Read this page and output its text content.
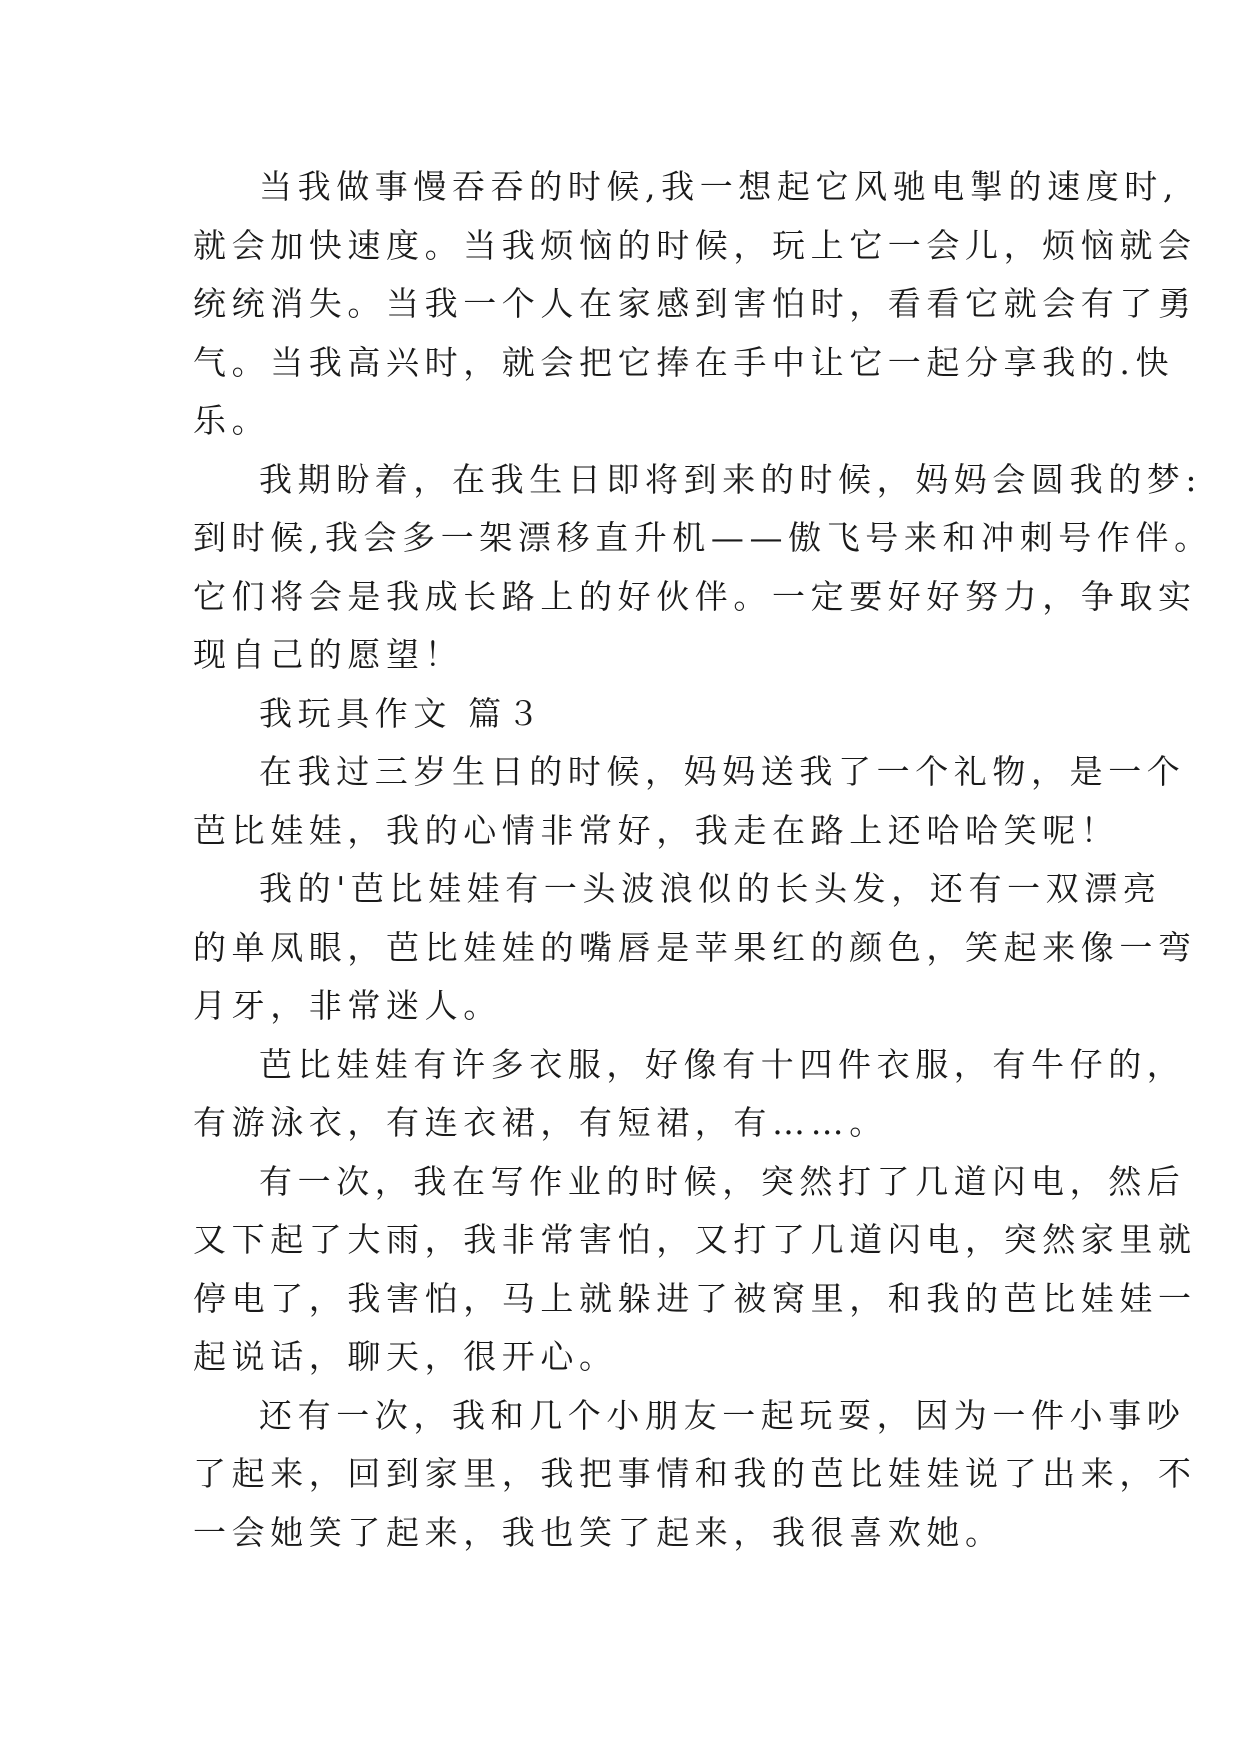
当我做事慢吞吞的时候,我一想起它风驰电掣的速度时,
就会加快速度。当我烦恼的时候，玩上它一会儿，烦恼就会
统统消失。当我一个人在家感到害怕时，看看它就会有了勇
气。当我高兴时，就会把它捧在手中让它一起分享我的.快
乐。

我期盼着，在我生日即将到来的时候，妈妈会圆我的梦:
到时候,我会多一架漂移直升机——傲飞号来和冲刺号作伴。
它们将会是我成长路上的好伙伴。一定要好好努力，争取实
现自己的愿望！

我玩具作文 篇３

在我过三岁生日的时候，妈妈送我了一个礼物，是一个
芭比娃娃，我的心情非常好，我走在路上还哈哈笑呢！

我的'芭比娃娃有一头波浪似的长头发，还有一双漂亮
的单凤眼，芭比娃娃的嘴唇是苹果红的颜色，笑起来像一弯
月牙，非常迷人。

芭比娃娃有许多衣服，好像有十四件衣服，有牛仔的，
有游泳衣，有连衣裙，有短裙，有……。

有一次，我在写作业的时候，突然打了几道闪电，然后
又下起了大雨，我非常害怕，又打了几道闪电，突然家里就
停电了，我害怕，马上就躲进了被窝里，和我的芭比娃娃一
起说话，聊天，很开心。

还有一次，我和几个小朋友一起玩耍，因为一件小事吵
了起来，回到家里，我把事情和我的芭比娃娃说了出来，不
一会她笑了起来，我也笑了起来，我很喜欢她。
